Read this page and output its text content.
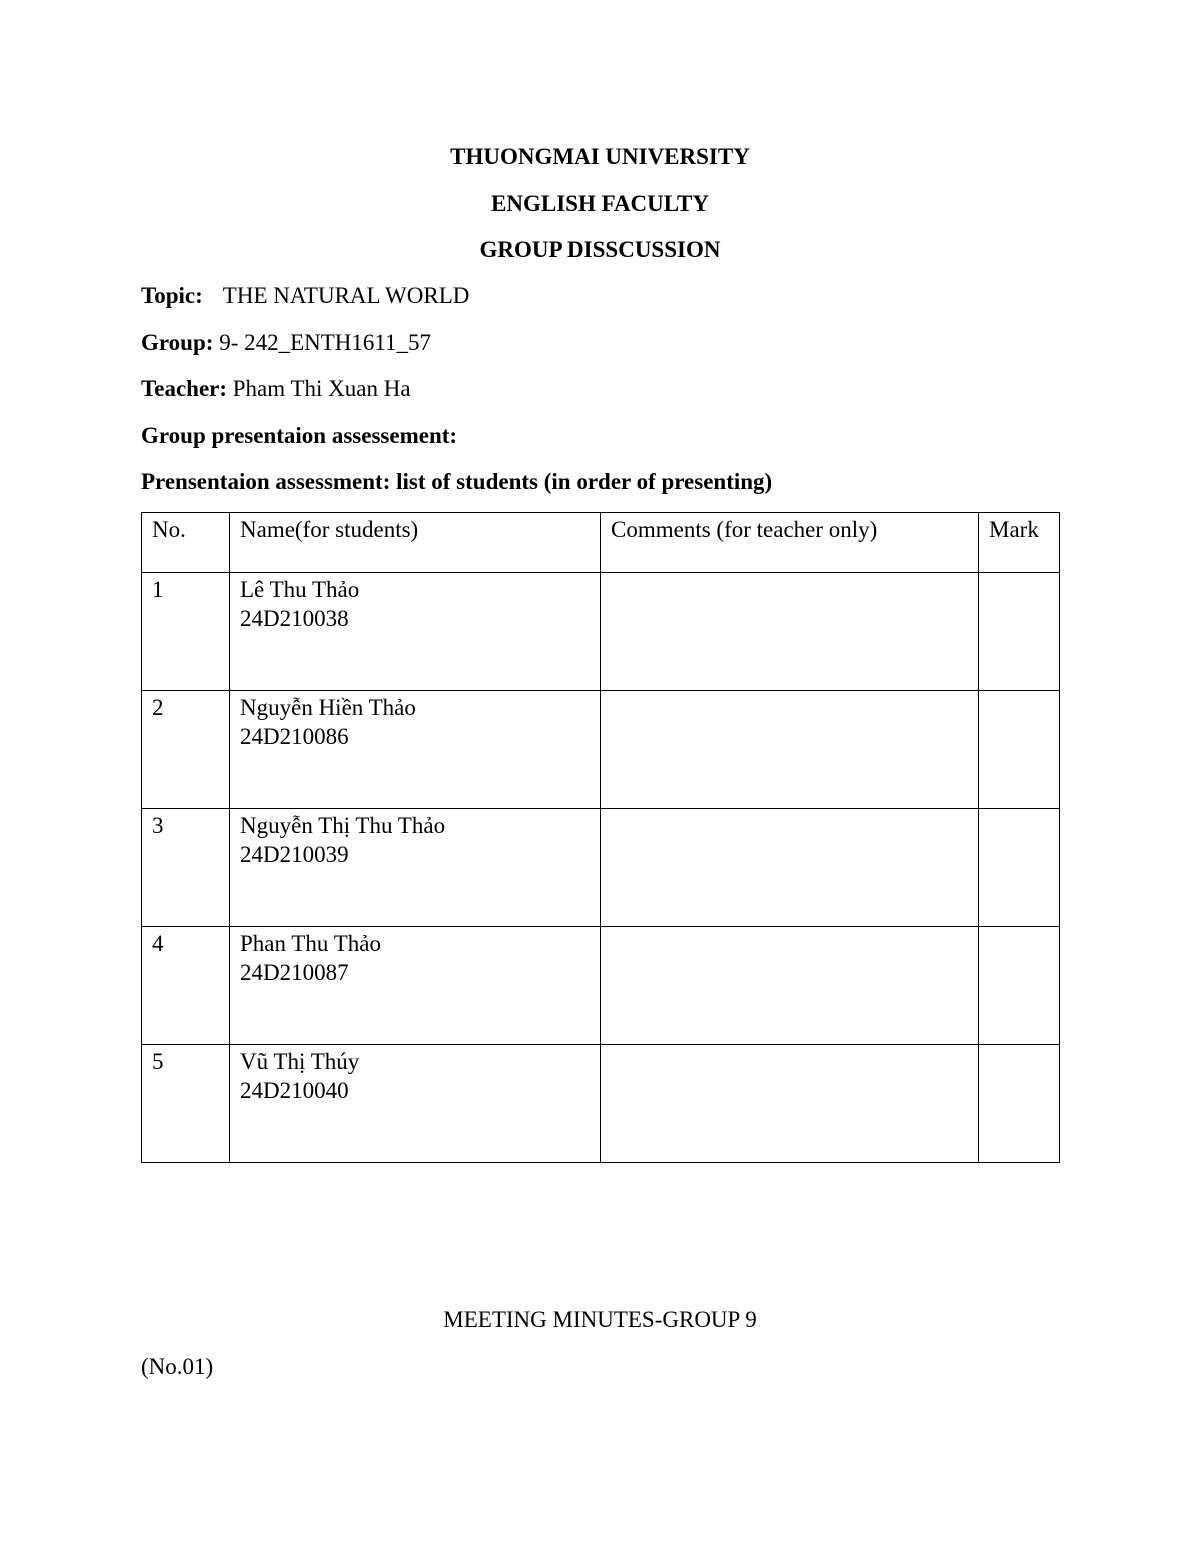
THUONGMAI UNIVERSITY
ENGLISH FACULTY
GROUP DISSCUSSION
Topic: THE NATURAL WORLD
Group: 9- 242_ENTH1611_57
Teacher: Pham Thi Xuan Ha
Group presentaion assessement:
Prensentaion assessment: list of students (in order of presenting)
No.	Name(for students)	Comments (for teacher only)	Mark
1	Lê Thu Thảo
24D210038		

2	Nguyễn Hiền Thảo
24D210086		

3	Nguyễn Thị Thu Thảo
24D210039		

4	Phan Thu Thảo
24D210087		

5	Vũ Thị Thúy
24D210040		

MEETING MINUTES-GROUP 9
(No.01)
